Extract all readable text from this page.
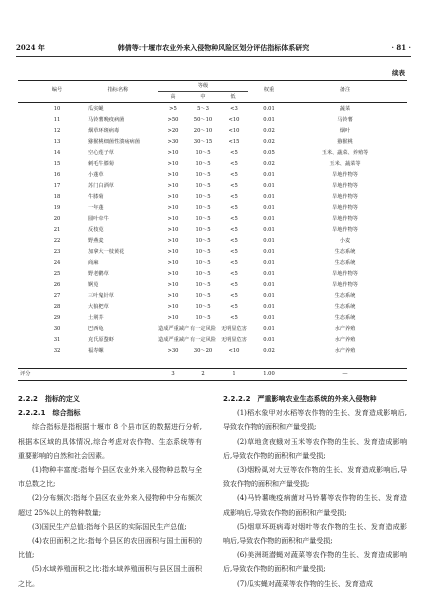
2024 年	韩倩等:十堰市农业外来入侵物种风险区划分评估指标体系研究	· 81 ·
续表
编号	指标名称
等级
高	中	低
权重	备注
10	瓜实蝇	>5	5～3	<3	0.01	蔬菜
11	马铃薯晚疫病菌	>50	50～10	<10	0.01	马铃薯
12	烟草环斑病毒	>20	20～10	<10	0.02	烟叶
13	猕猴桃细菌性溃疡病菌	>30	30～15	<15	0.02	猕猴桃
14	空心莲子草	>10	10～5	<5	0.05	玉米、蔬菜、养殖等
15	刺毛牛膝菊	>10	10～5	<5	0.02	玉米、蔬菜等
16	小蓬草	>10	10～5	<5	0.01	旱地作物等
17	苏门白酒草	>10	10～5	<5	0.01	旱地作物等
18	牛膝菊	>10	10～5	<5	0.01	旱地作物等
19	一年蓬	>10	10～5	<5	0.01	旱地作物等
20	圆叶牵牛	>10	10～5	<5	0.01	旱地作物等
21	反枝苋	>10	10～5	<5	0.01	旱地作物等
22	野燕麦	>10	10～5	<5	0.01	小麦
23	加拿大一枝黄花	>10	10～5	<5	0.01	生态系统
24	商麻	>10	10～5	<5	0.01	生态系统
25	野老鹳草	>10	10～5	<5	0.01	旱地作物等
26	婀苋	>10	10～5	<5	0.01	旱地作物等
27	三叶鬼针草	>10	10～5	<5	0.01	生态系统
28	大狼杷草	>10	10～5	<5	0.01	生态系统
29	土荆芥	>10	10～5	<5	0.01	生态系统
30	巴西龟	造成严重减产 有一定风险 无明显危害	0.01	水产养殖
31	克氏原螯虾	造成严重减产 有一定风险 无明显危害	0.01	水产养殖
32	福寿螺	>30	30～20	<10	0.02	水产养殖
评分	3	2	1	1.00	—

2.2.2　指标的定义

2.2.2.1　综合指标

综合指标是指根据十堰市 8 个县市区的数据进行分析,根据本区域的具体情况,综合考虑对农作物、生态系统等有重要影响的自然和社会因素。

(1)物种丰富度:指每个县区农业外来入侵物种总数与全市总数之比;

(2)分布频次:指每个县区农业外来入侵物种中分布频次超过 25%以上的物种数量;

(3)国民生产总值:指每个县区的实际国民生产总值;

(4)农田面积之比:指每个县区的农田面积与国土面积的比值;

(5)水域养殖面积之比:指水域养殖面积与县区国土面积之比。

2.2.2.2　严重影响农业生态系统的外来入侵物种

(1)稻水象甲对水稻等农作物的生长、发育造成影响后,导致农作物的面积和产量受损;

(2)草地贪夜蛾对玉米等农作物的生长、发育造成影响后,导致农作物的面积和产量受损;

(3)烟粉虱对大豆等农作物的生长、发育造成影响后,导致农作物的面积和产量受损;

(4)马铃薯晚疫病菌对马铃薯等农作物的生长、发育造成影响后,导致农作物的面积和产量受损;

(5)烟草环斑病毒对烟叶等农作物的生长、发育造成影响后,导致农作物的面积和产量受损;

(6)美洲斑潜蝇对蔬菜等农作物的生长、发育造成影响后,导致农作物的面积和产量受损;

(7)瓜实蝇对蔬菜等农作物的生长、发育造成
